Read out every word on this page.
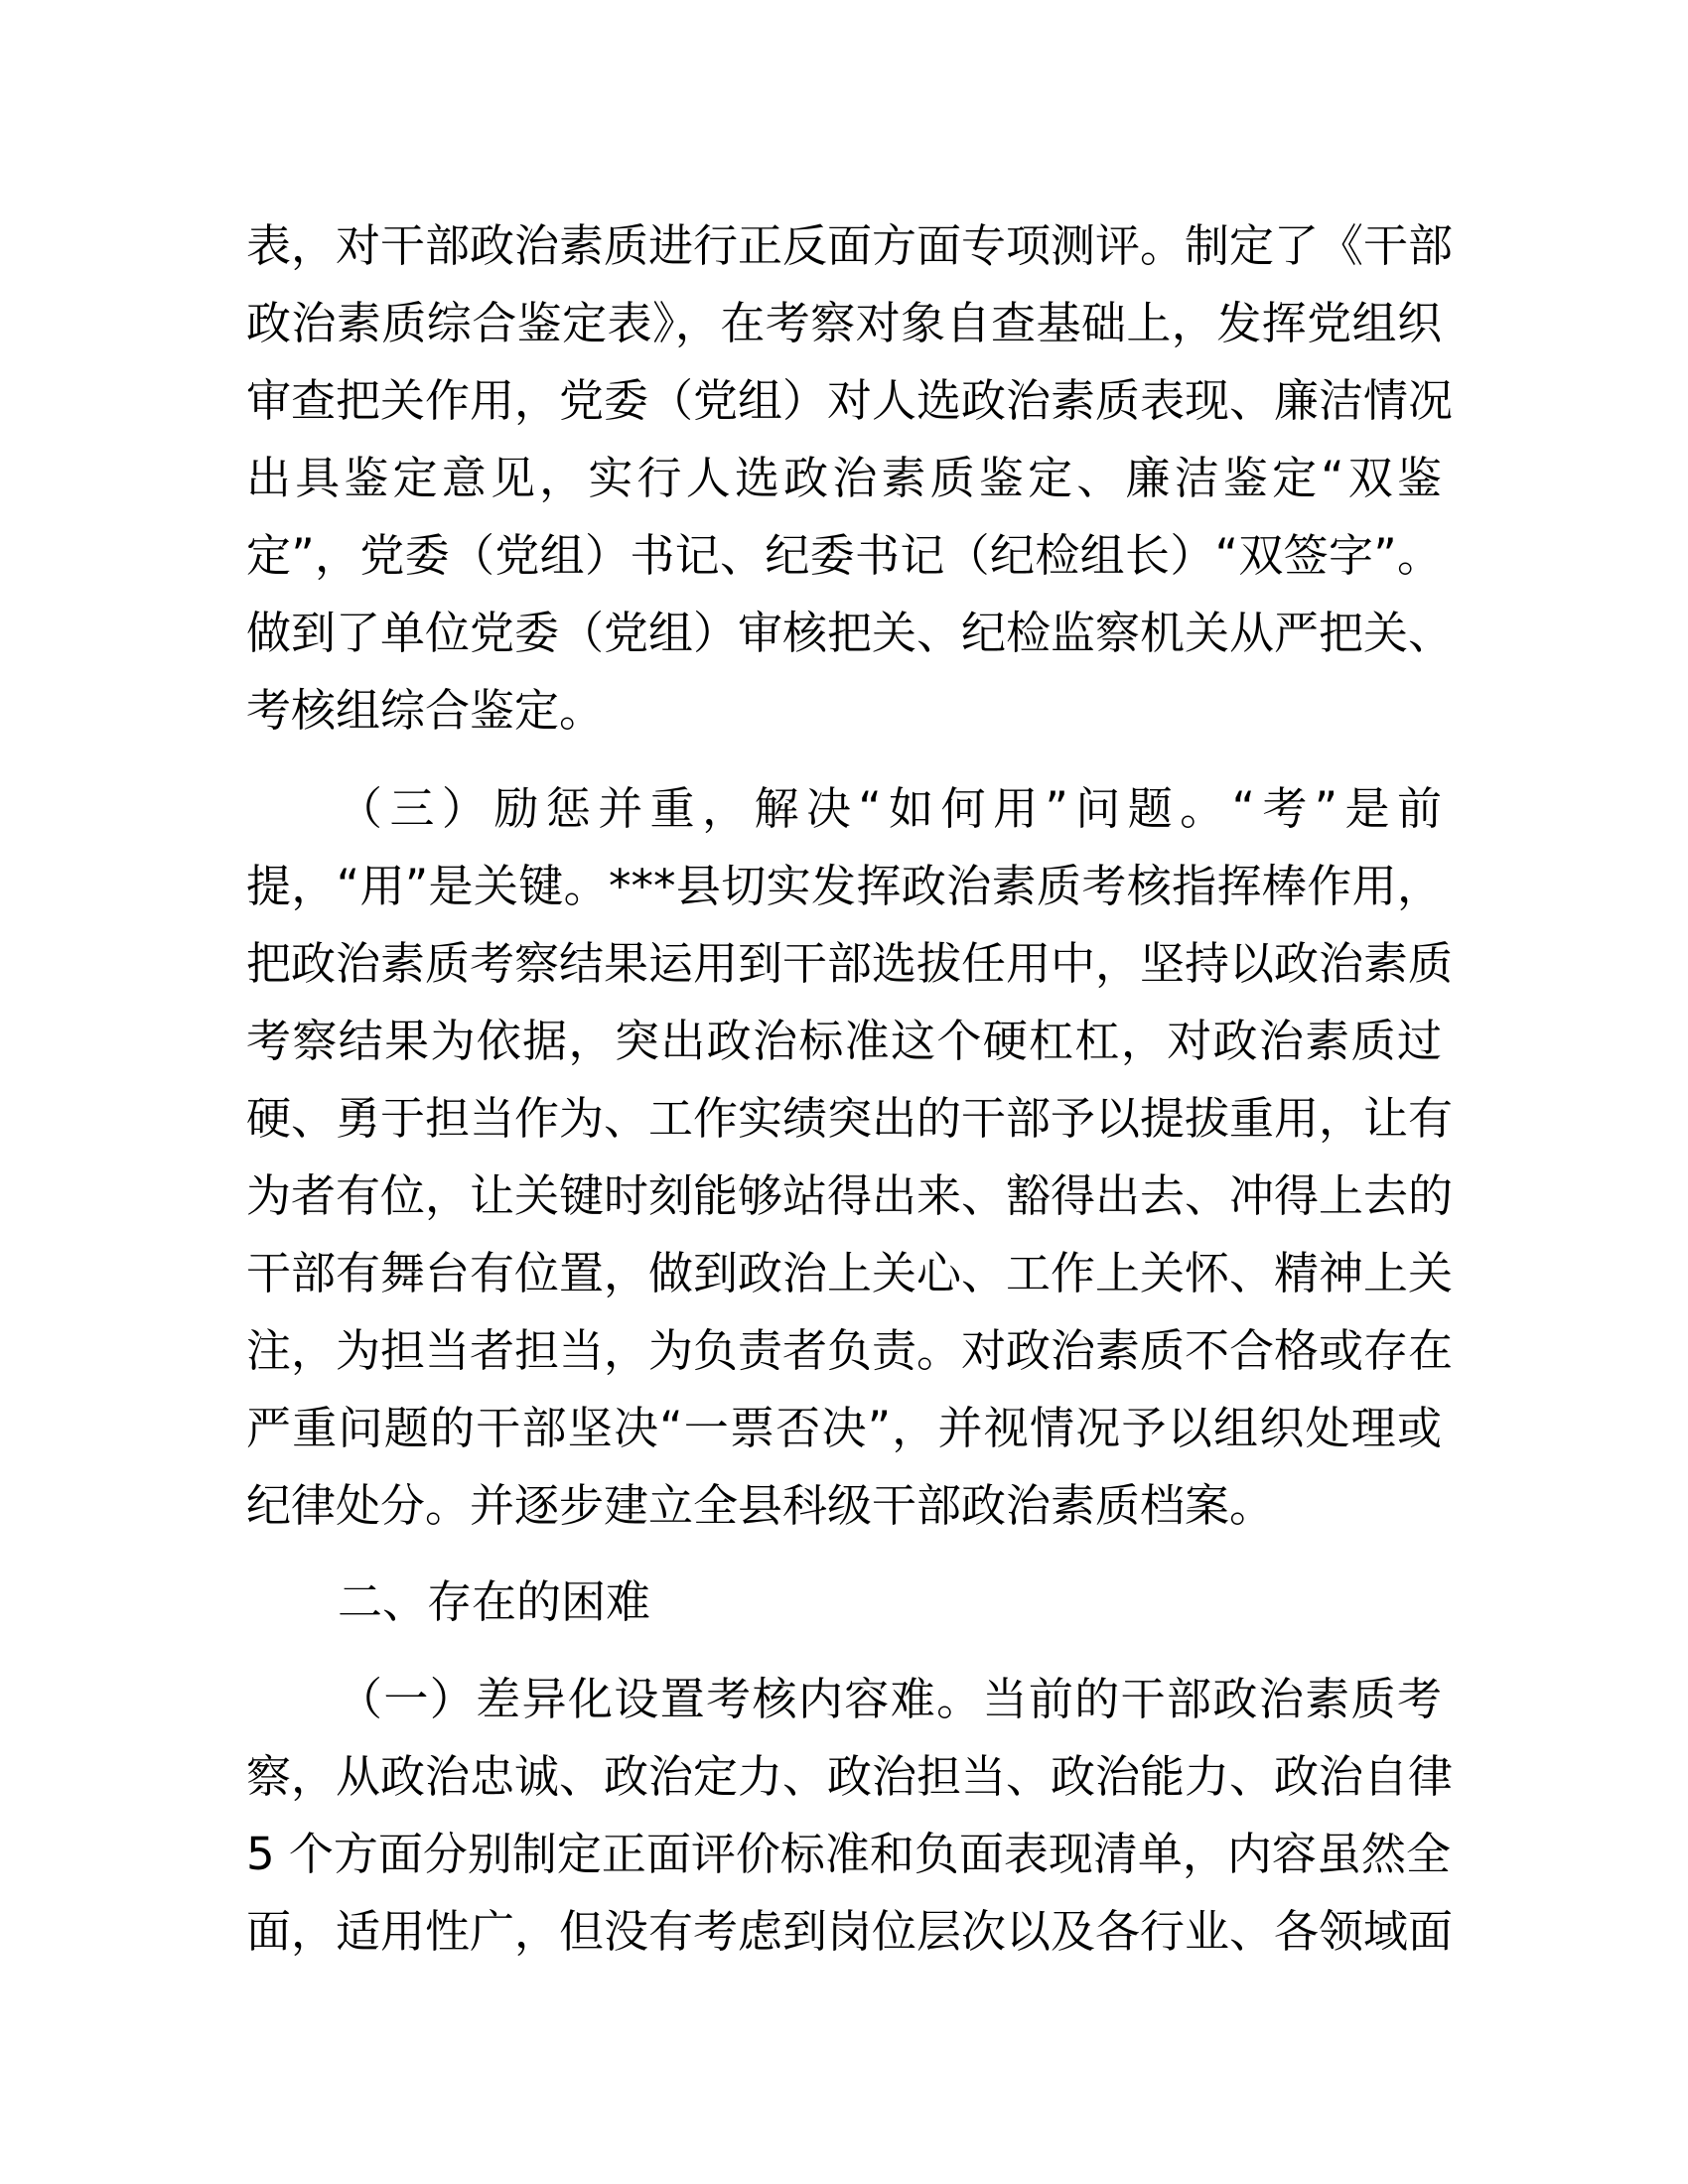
表，对干部政治素质进行正反面方面专项测评。制定了《干部
政治素质综合鉴定表》，在考察对象自查基础上，发挥党组织
审查把关作用，党委（党组）对人选政治素质表现、廉洁情况
出具鉴定意见，实行人选政治素质鉴定、廉洁鉴定“双鉴
定”，党委（党组）书记、纪委书记（纪检组长）“双签字”。
做到了单位党委（党组）审核把关、纪检监察机关从严把关、
考核组综合鉴定。
（三）励惩并重，解决“如何用”问题。“考”是前
提，“用”是关键。***县切实发挥政治素质考核指挥棒作用，
把政治素质考察结果运用到干部选拔任用中，坚持以政治素质
考察结果为依据，突出政治标准这个硬杠杠，对政治素质过
硬、勇于担当作为、工作实绩突出的干部予以提拔重用，让有
为者有位，让关键时刻能够站得出来、豁得出去、冲得上去的
干部有舞台有位置，做到政治上关心、工作上关怀、精神上关
注，为担当者担当，为负责者负责。对政治素质不合格或存在
严重问题的干部坚决“一票否决”，并视情况予以组织处理或
纪律处分。并逐步建立全县科级干部政治素质档案。
二、存在的困难
（一）差异化设置考核内容难。当前的干部政治素质考
察，从政治忠诚、政治定力、政治担当、政治能力、政治自律
5 个方面分别制定正面评价标准和负面表现清单，内容虽然全
面，适用性广，但没有考虑到岗位层次以及各行业、各领域面
